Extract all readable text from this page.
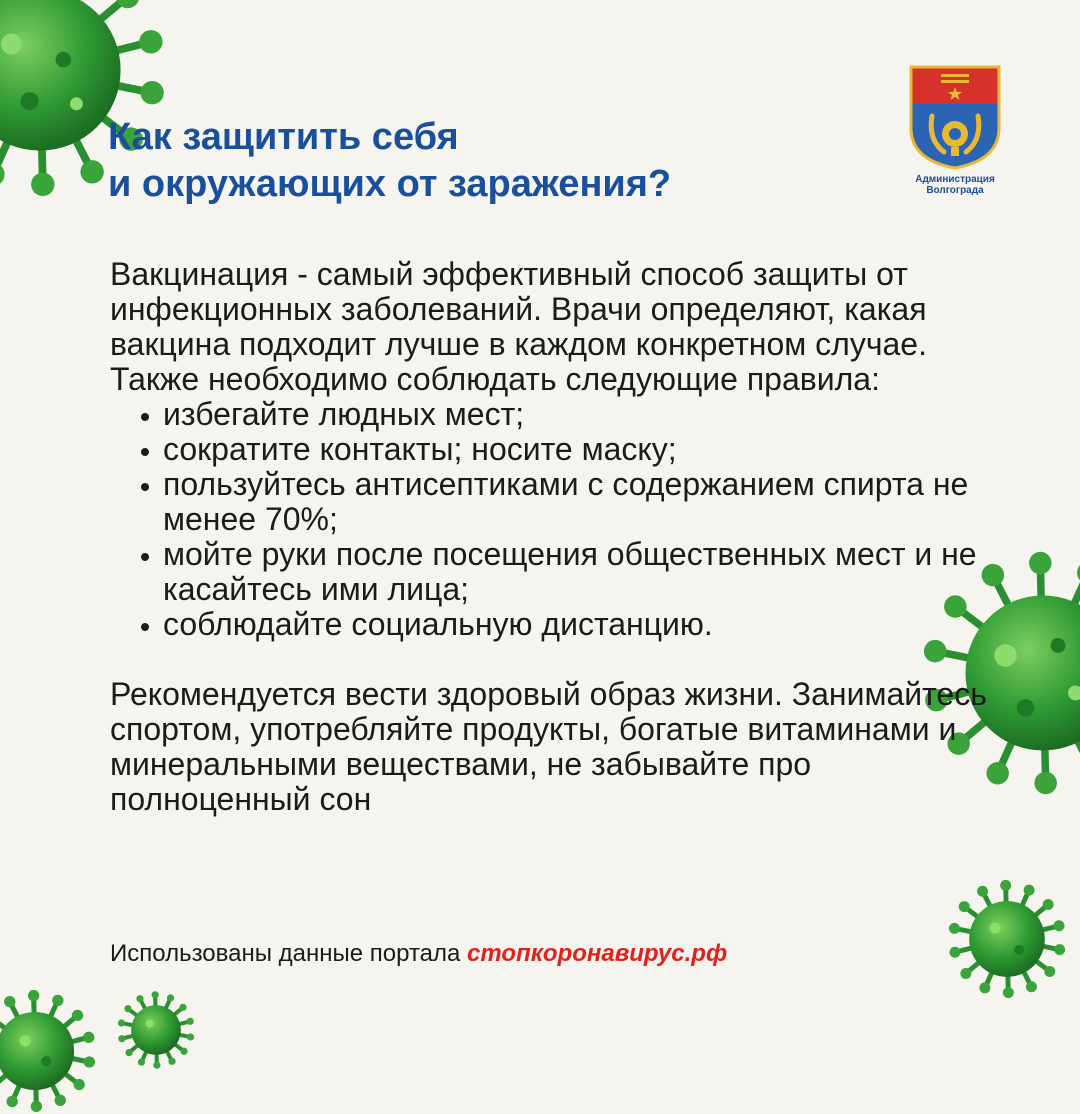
Как защитить себя
и окружающих от заражения?	Администрация
Волгограда

Вакцинация - самый эффективный способ защиты от инфекционных заболеваний. Врачи определяют, какая вакцина подходит лучше в каждом конкретном случае. Также необходимо соблюдать следующие правила:

избегайте людных мест;
сократите контакты; носите маску;
пользуйтесь антисептиками с содержанием спирта не менее 70%;
мойте руки после посещения общественных мест и не касайтесь ими лица;
соблюдайте социальную дистанцию.

Рекомендуется вести здоровый образ жизни. Занимайтесь спортом, употребляйте продукты, богатые витаминами и минеральными веществами, не забывайте про полноценный сон

Использованы данные портала стопкоронавирус.рф
